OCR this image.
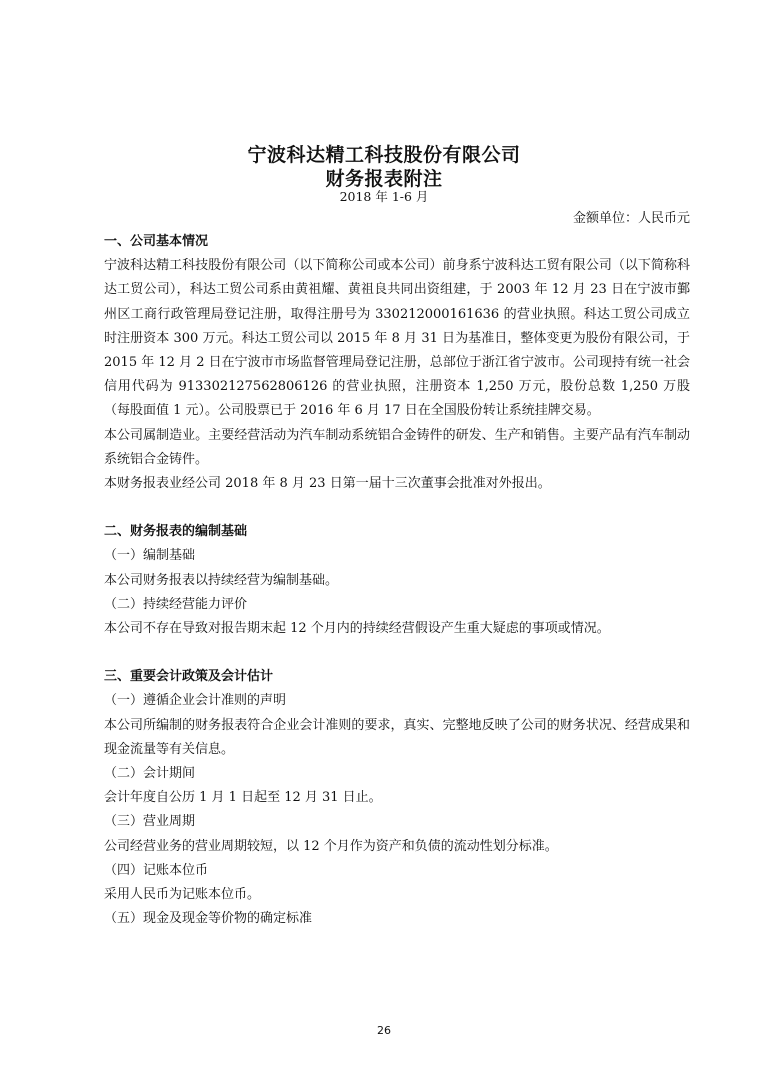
宁波科达精工科技股份有限公司
财务报表附注
2018 年 1-6 月
金额单位：人民币元

一、公司基本情况

宁波科达精工科技股份有限公司（以下简称公司或本公司）前身系宁波科达工贸有限公司（以下简称科达工贸公司），科达工贸公司系由黄祖耀、黄祖良共同出资组建，于 2003 年 12 月 23 日在宁波市鄞州区工商行政管理局登记注册，取得注册号为 330212000161636 的营业执照。科达工贸公司成立时注册资本 300 万元。科达工贸公司以 2015 年 8 月 31 日为基准日，整体变更为股份有限公司，于 2015 年 12 月 2 日在宁波市市场监督管理局登记注册，总部位于浙江省宁波市。公司现持有统一社会信用代码为 913302127562806126 的营业执照，注册资本 1,250 万元，股份总数 1,250 万股（每股面值 1 元）。公司股票已于 2016 年 6 月 17 日在全国股份转让系统挂牌交易。

本公司属制造业。主要经营活动为汽车制动系统铝合金铸件的研发、生产和销售。主要产品有汽车制动系统铝合金铸件。

本财务报表业经公司 2018 年 8 月 23 日第一届十三次董事会批准对外报出。

二、财务报表的编制基础

（一）编制基础

本公司财务报表以持续经营为编制基础。

（二）持续经营能力评价

本公司不存在导致对报告期末起 12 个月内的持续经营假设产生重大疑虑的事项或情况。

三、重要会计政策及会计估计

（一）遵循企业会计准则的声明

本公司所编制的财务报表符合企业会计准则的要求，真实、完整地反映了公司的财务状况、经营成果和现金流量等有关信息。

（二）会计期间

会计年度自公历 1 月 1 日起至 12 月 31 日止。

（三）营业周期

公司经营业务的营业周期较短，以 12 个月作为资产和负债的流动性划分标准。

（四）记账本位币

采用人民币为记账本位币。

（五）现金及现金等价物的确定标准

26
